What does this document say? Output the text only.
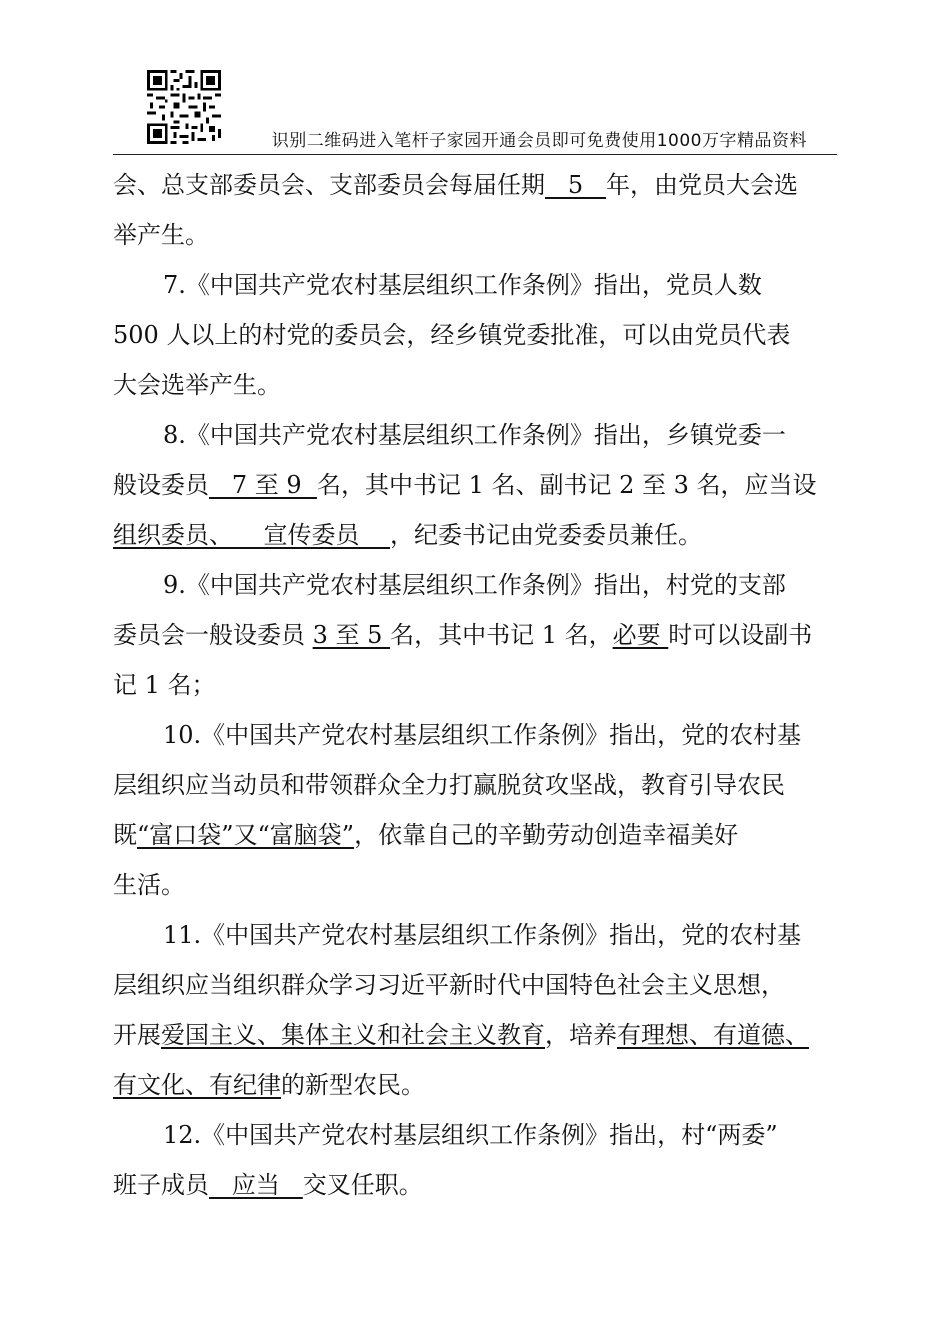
识别二维码进入笔杆子家园开通会员即可免费使用1000万字精品资料
会、总支部委员会、支部委员会每届任期   5   年，由党员大会选
举产生。
7.《中国共产党农村基层组织工作条例》指出，党员人数
500 人以上的村党的委员会，经乡镇党委批准，可以由党员代表
大会选举产生。
8.《中国共产党农村基层组织工作条例》指出，乡镇党委一
般设委员   7 至 9  名，其中书记 1 名、副书记 2 至 3 名，应当设
组织委员、    宣传委员    ，纪委书记由党委委员兼任。
9.《中国共产党农村基层组织工作条例》指出，村党的支部
委员会一般设委员 3 至 5 名，其中书记 1 名，必要 时可以设副书
记 1 名；
10.《中国共产党农村基层组织工作条例》指出，党的农村基
层组织应当动员和带领群众全力打赢脱贫攻坚战，教育引导农民
既“富口袋”又“富脑袋”，依靠自己的辛勤劳动创造幸福美好
生活。
11.《中国共产党农村基层组织工作条例》指出，党的农村基
层组织应当组织群众学习习近平新时代中国特色社会主义思想，
开展爱国主义、集体主义和社会主义教育，培养有理想、有道德、
有文化、有纪律的新型农民。
12.《中国共产党农村基层组织工作条例》指出，村“两委”
班子成员   应当   交叉任职。
